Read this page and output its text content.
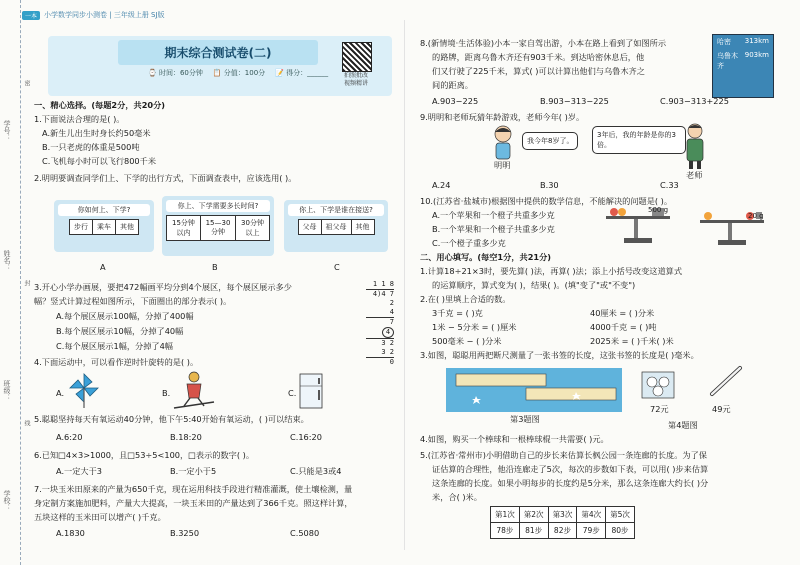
学号：
姓名：
班级：
学校：
密
封
线
一本	小学数学同步小测卷 | 三年级上册 SJ版
期末综合测试卷(二)
⌚ 时间：60分钟 📋 分值：100分 📝 得分：______	拍照批改
视频精讲
一、精心选择。(每题2分，共20分)
1.下面说法合理的是( )。
A.新生儿出生时身长约50毫米
B.一只老虎的体重是500吨
C.飞机每小时可以飞行800千米
2.明明要调查同学们上、下学的出行方式，下面调查表中，应该选用( )。
你如何上、下学?
步行	乘车	其他
A
你上、下学需要多长时间?
15分钟以内	15—30分钟	30分钟以上
B
你上、下学是谁在接送?
父母	祖父母	其他
C
3.开心小学办画展，要把472幅画平均分到4个展区，每个展区展示多少
幅？竖式计算过程如图所示，下面圈出的部分表示( )。
A.每个展区展示100幅，分掉了400幅
B.每个展区展示10幅，分掉了40幅
C.每个展区展示1幅，分掉了4幅
1 1 8
4)4 7 2
4
7
4
3 2
3 2
0
4.下面运动中，可以看作逆时针旋转的是( )。
A.	B.	C.
5.聪聪坚持每天有氧运动40分钟，他下午5:40开始有氧运动，( )可以结束。
A.6:20	B.18:20	C.16:20
6.已知□4×3>1000，且□53÷5<100，□表示的数字( )。
A.一定大于3	B.一定小于5	C.只能是3或4
7.一块玉米田原来的产量为650千克，现在运用科技手段进行精准灌溉，使土壤检测，量
身定制方案施加肥料，产量大大提高，一块玉米田的产量达到了366千克。照这样计算，
五块这样的玉米田可以增产( )千克。
A.1830	B.3250	C.5080
8.(新情境·生活体验)小本一家自驾出游，小本在路上看到了如图所示
的路牌，距离乌鲁木齐还有903千米。到达哈密休息后，他
们又行驶了225千米，算式( )可以计算出他们与乌鲁木齐之
间的距离。
哈密 313km
乌鲁木齐
903km
A.903−225	B.903−313−225	C.903−313+225
9.明明和老师玩猜年龄游戏，老师今年( )岁。
明明
我今年8岁了。
3年后，我的年龄是你的3倍。
老师
A.24	B.30	C.33
10.(江苏省·盐城市)根据图中提供的数学信息，不能解决的问题是( )。
A.一个苹果和一个橙子共重多少克
B.一个苹果和一个橙子共重多少克
C.一个橙子重多少克
500 g
20 g
二、用心填写。(每空1分，共21分)
1.计算18÷21×3时，要先算( )法，再算( )法；添上小括号改变这道算式
的运算顺序，算式变为( )，结果( )。(填"变了"或"不变")
2.在( )里填上合适的数。
3千克 = ( )克	40厘米 = ( )分米
1米 − 5分米 = ( )厘米	4000千克 = ( )吨
500毫米 − ( )分米	2025米 = ( )千米( )米
3.如图，聪聪用两把断尺测量了一张书签的长度，这张书签的长度是( )毫米。
第3题图
72元	49元
第4题图
4.如图，购买一个棒球和一根棒球棍一共需要( )元。
5.(江苏省·常州市)小明借助自己的步长来估算长枫公园一条连廊的长度。为了保
证估算的合理性，他沿连廊走了5次，每次的步数如下表，可以用( )步来估算
这条连廊的长度。如果小明每步的长度约是5分米，那么这条连廊大约长( )分
米，合( )米。
第1次	第2次	第3次	第4次	第5次
78步	81步	82步	79步	80步
